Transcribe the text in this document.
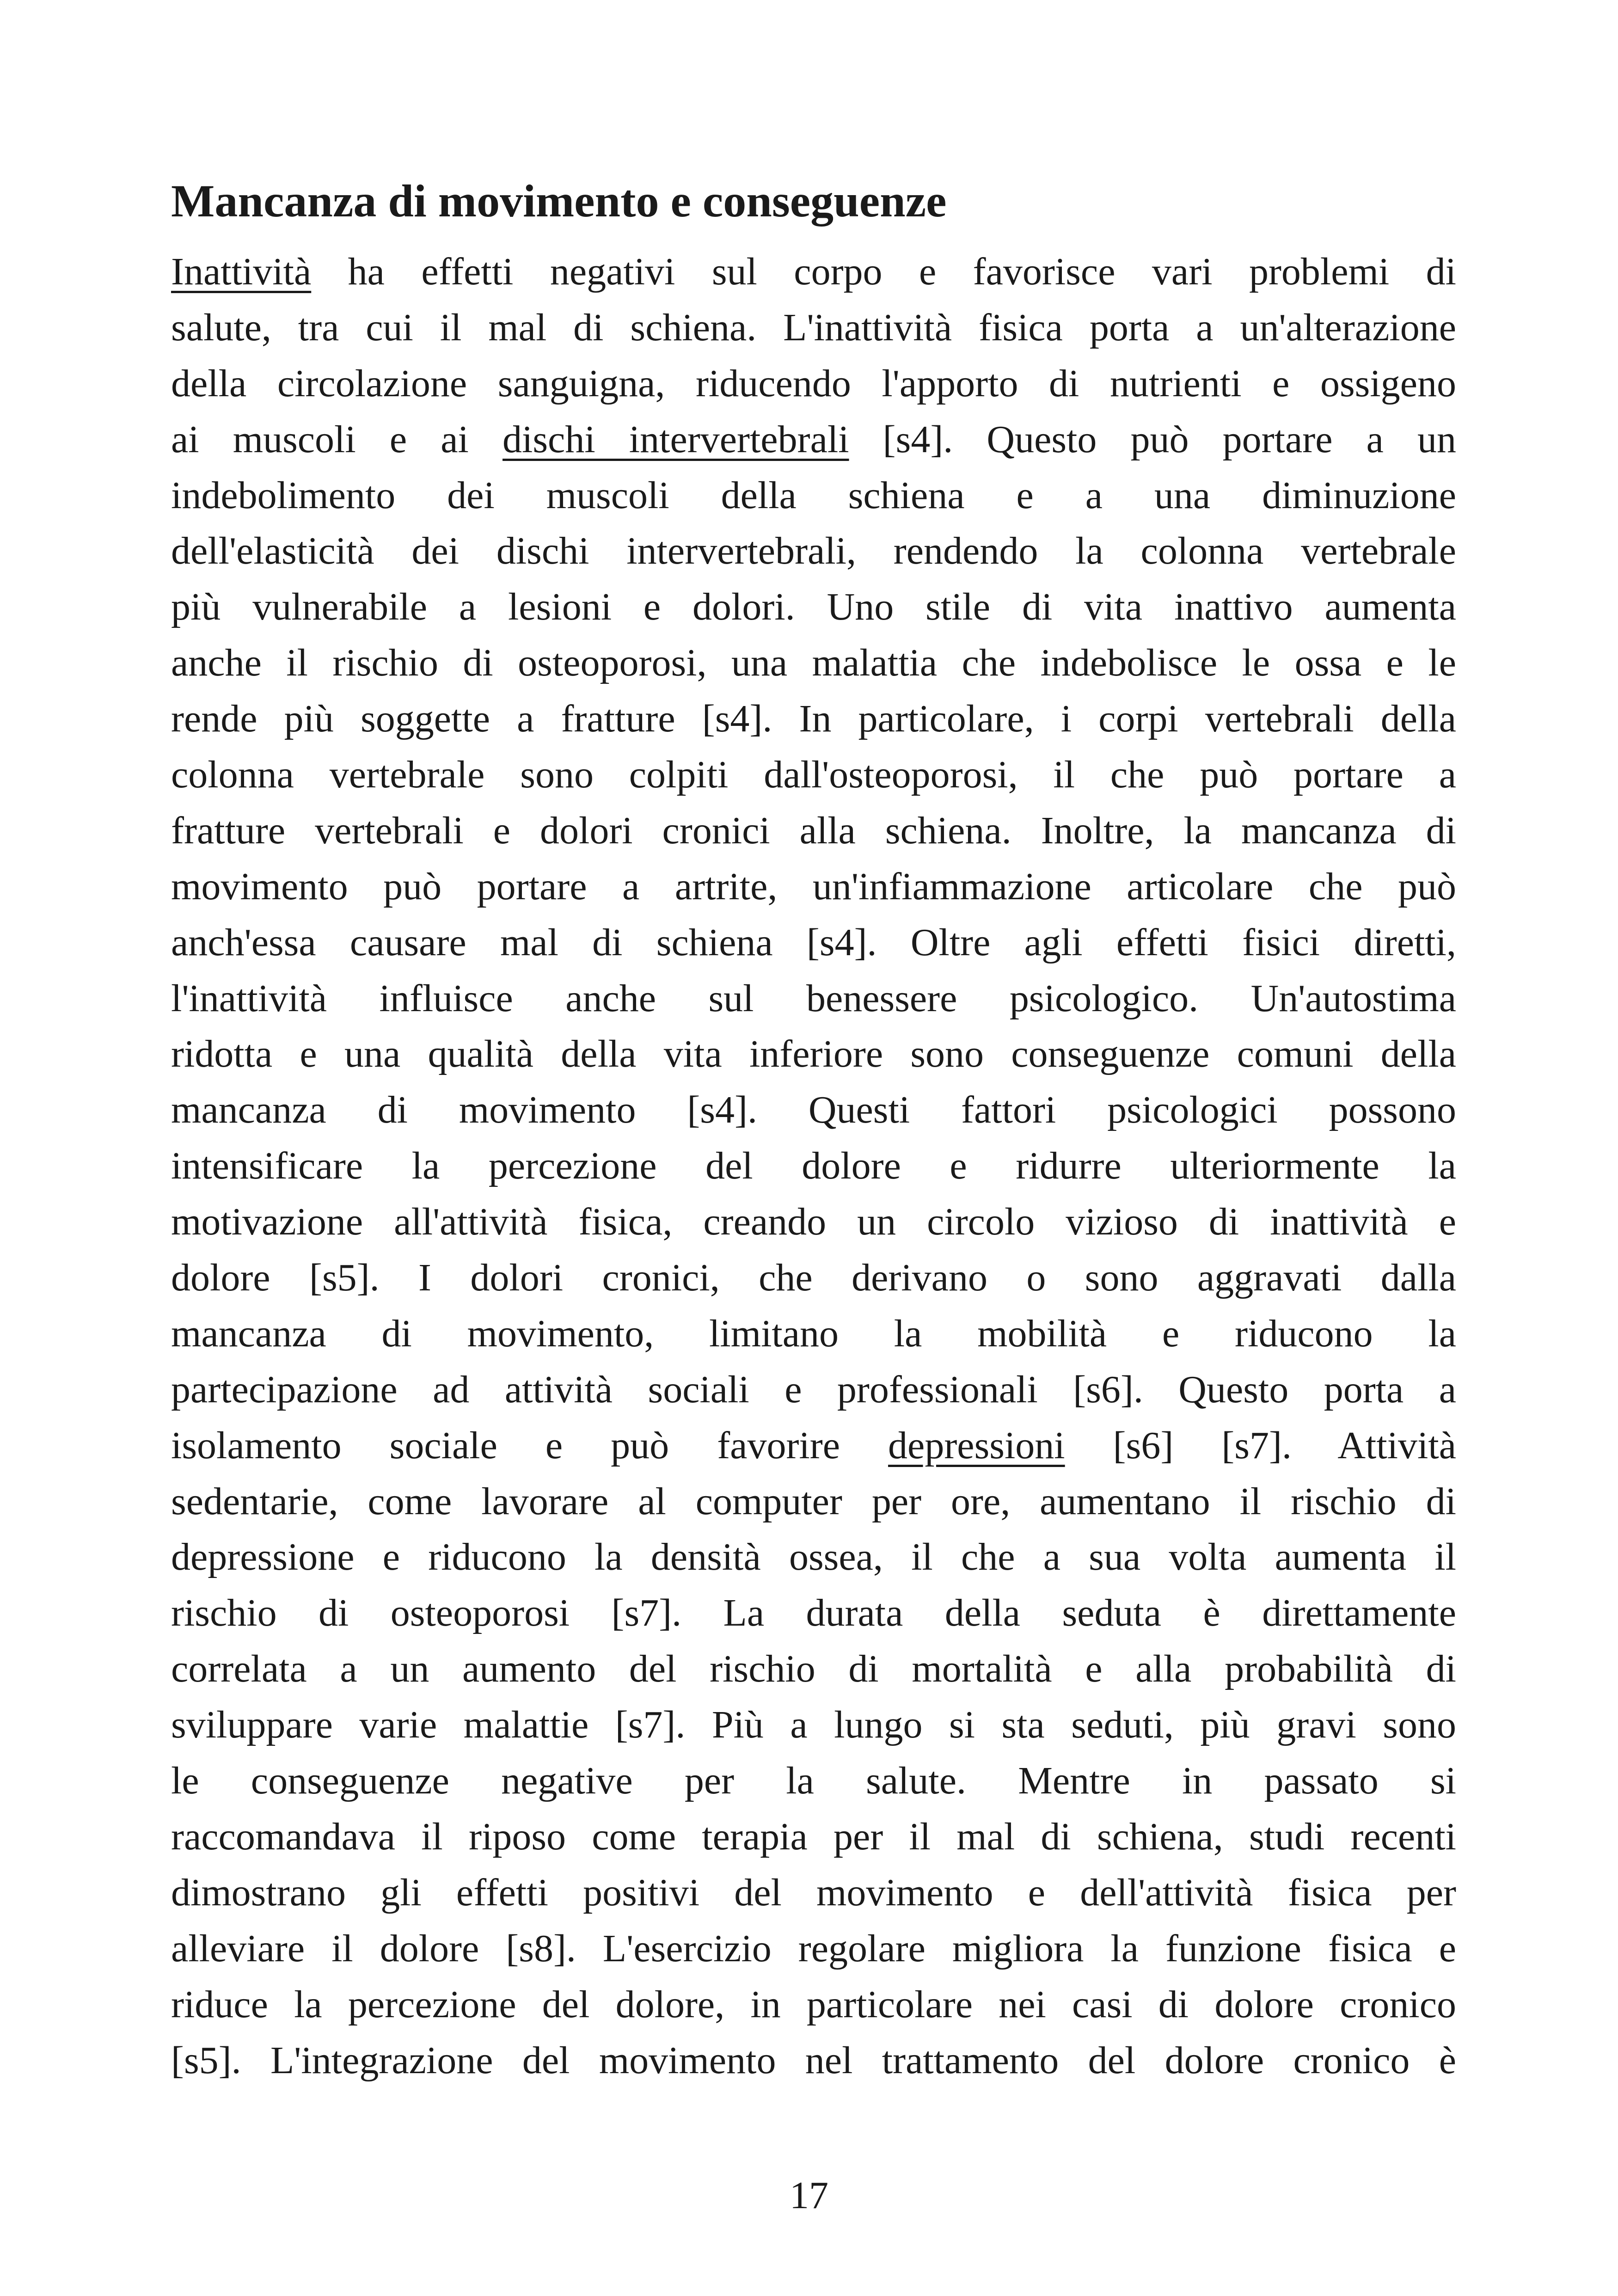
Mancanza di movimento e conseguenze
Inattività ha effetti negativi sul corpo e favorisce vari problemi di
salute, tra cui il mal di schiena. L'inattività fisica porta a un'alterazione
della circolazione sanguigna, riducendo l'apporto di nutrienti e ossigeno
ai muscoli e ai dischi intervertebrali [s4]. Questo può portare a un
indebolimento dei muscoli della schiena e a una diminuzione
dell'elasticità dei dischi intervertebrali, rendendo la colonna vertebrale
più vulnerabile a lesioni e dolori. Uno stile di vita inattivo aumenta
anche il rischio di osteoporosi, una malattia che indebolisce le ossa e le
rende più soggette a fratture [s4]. In particolare, i corpi vertebrali della
colonna vertebrale sono colpiti dall'osteoporosi, il che può portare a
fratture vertebrali e dolori cronici alla schiena. Inoltre, la mancanza di
movimento può portare a artrite, un'infiammazione articolare che può
anch'essa causare mal di schiena [s4]. Oltre agli effetti fisici diretti,
l'inattività influisce anche sul benessere psicologico. Un'autostima
ridotta e una qualità della vita inferiore sono conseguenze comuni della
mancanza di movimento [s4]. Questi fattori psicologici possono
intensificare la percezione del dolore e ridurre ulteriormente la
motivazione all'attività fisica, creando un circolo vizioso di inattività e
dolore [s5]. I dolori cronici, che derivano o sono aggravati dalla
mancanza di movimento, limitano la mobilità e riducono la
partecipazione ad attività sociali e professionali [s6]. Questo porta a
isolamento sociale e può favorire depressioni [s6] [s7]. Attività
sedentarie, come lavorare al computer per ore, aumentano il rischio di
depressione e riducono la densità ossea, il che a sua volta aumenta il
rischio di osteoporosi [s7]. La durata della seduta è direttamente
correlata a un aumento del rischio di mortalità e alla probabilità di
sviluppare varie malattie [s7]. Più a lungo si sta seduti, più gravi sono
le conseguenze negative per la salute. Mentre in passato si
raccomandava il riposo come terapia per il mal di schiena, studi recenti
dimostrano gli effetti positivi del movimento e dell'attività fisica per
alleviare il dolore [s8]. L'esercizio regolare migliora la funzione fisica e
riduce la percezione del dolore, in particolare nei casi di dolore cronico
[s5]. L'integrazione del movimento nel trattamento del dolore cronico è
17
